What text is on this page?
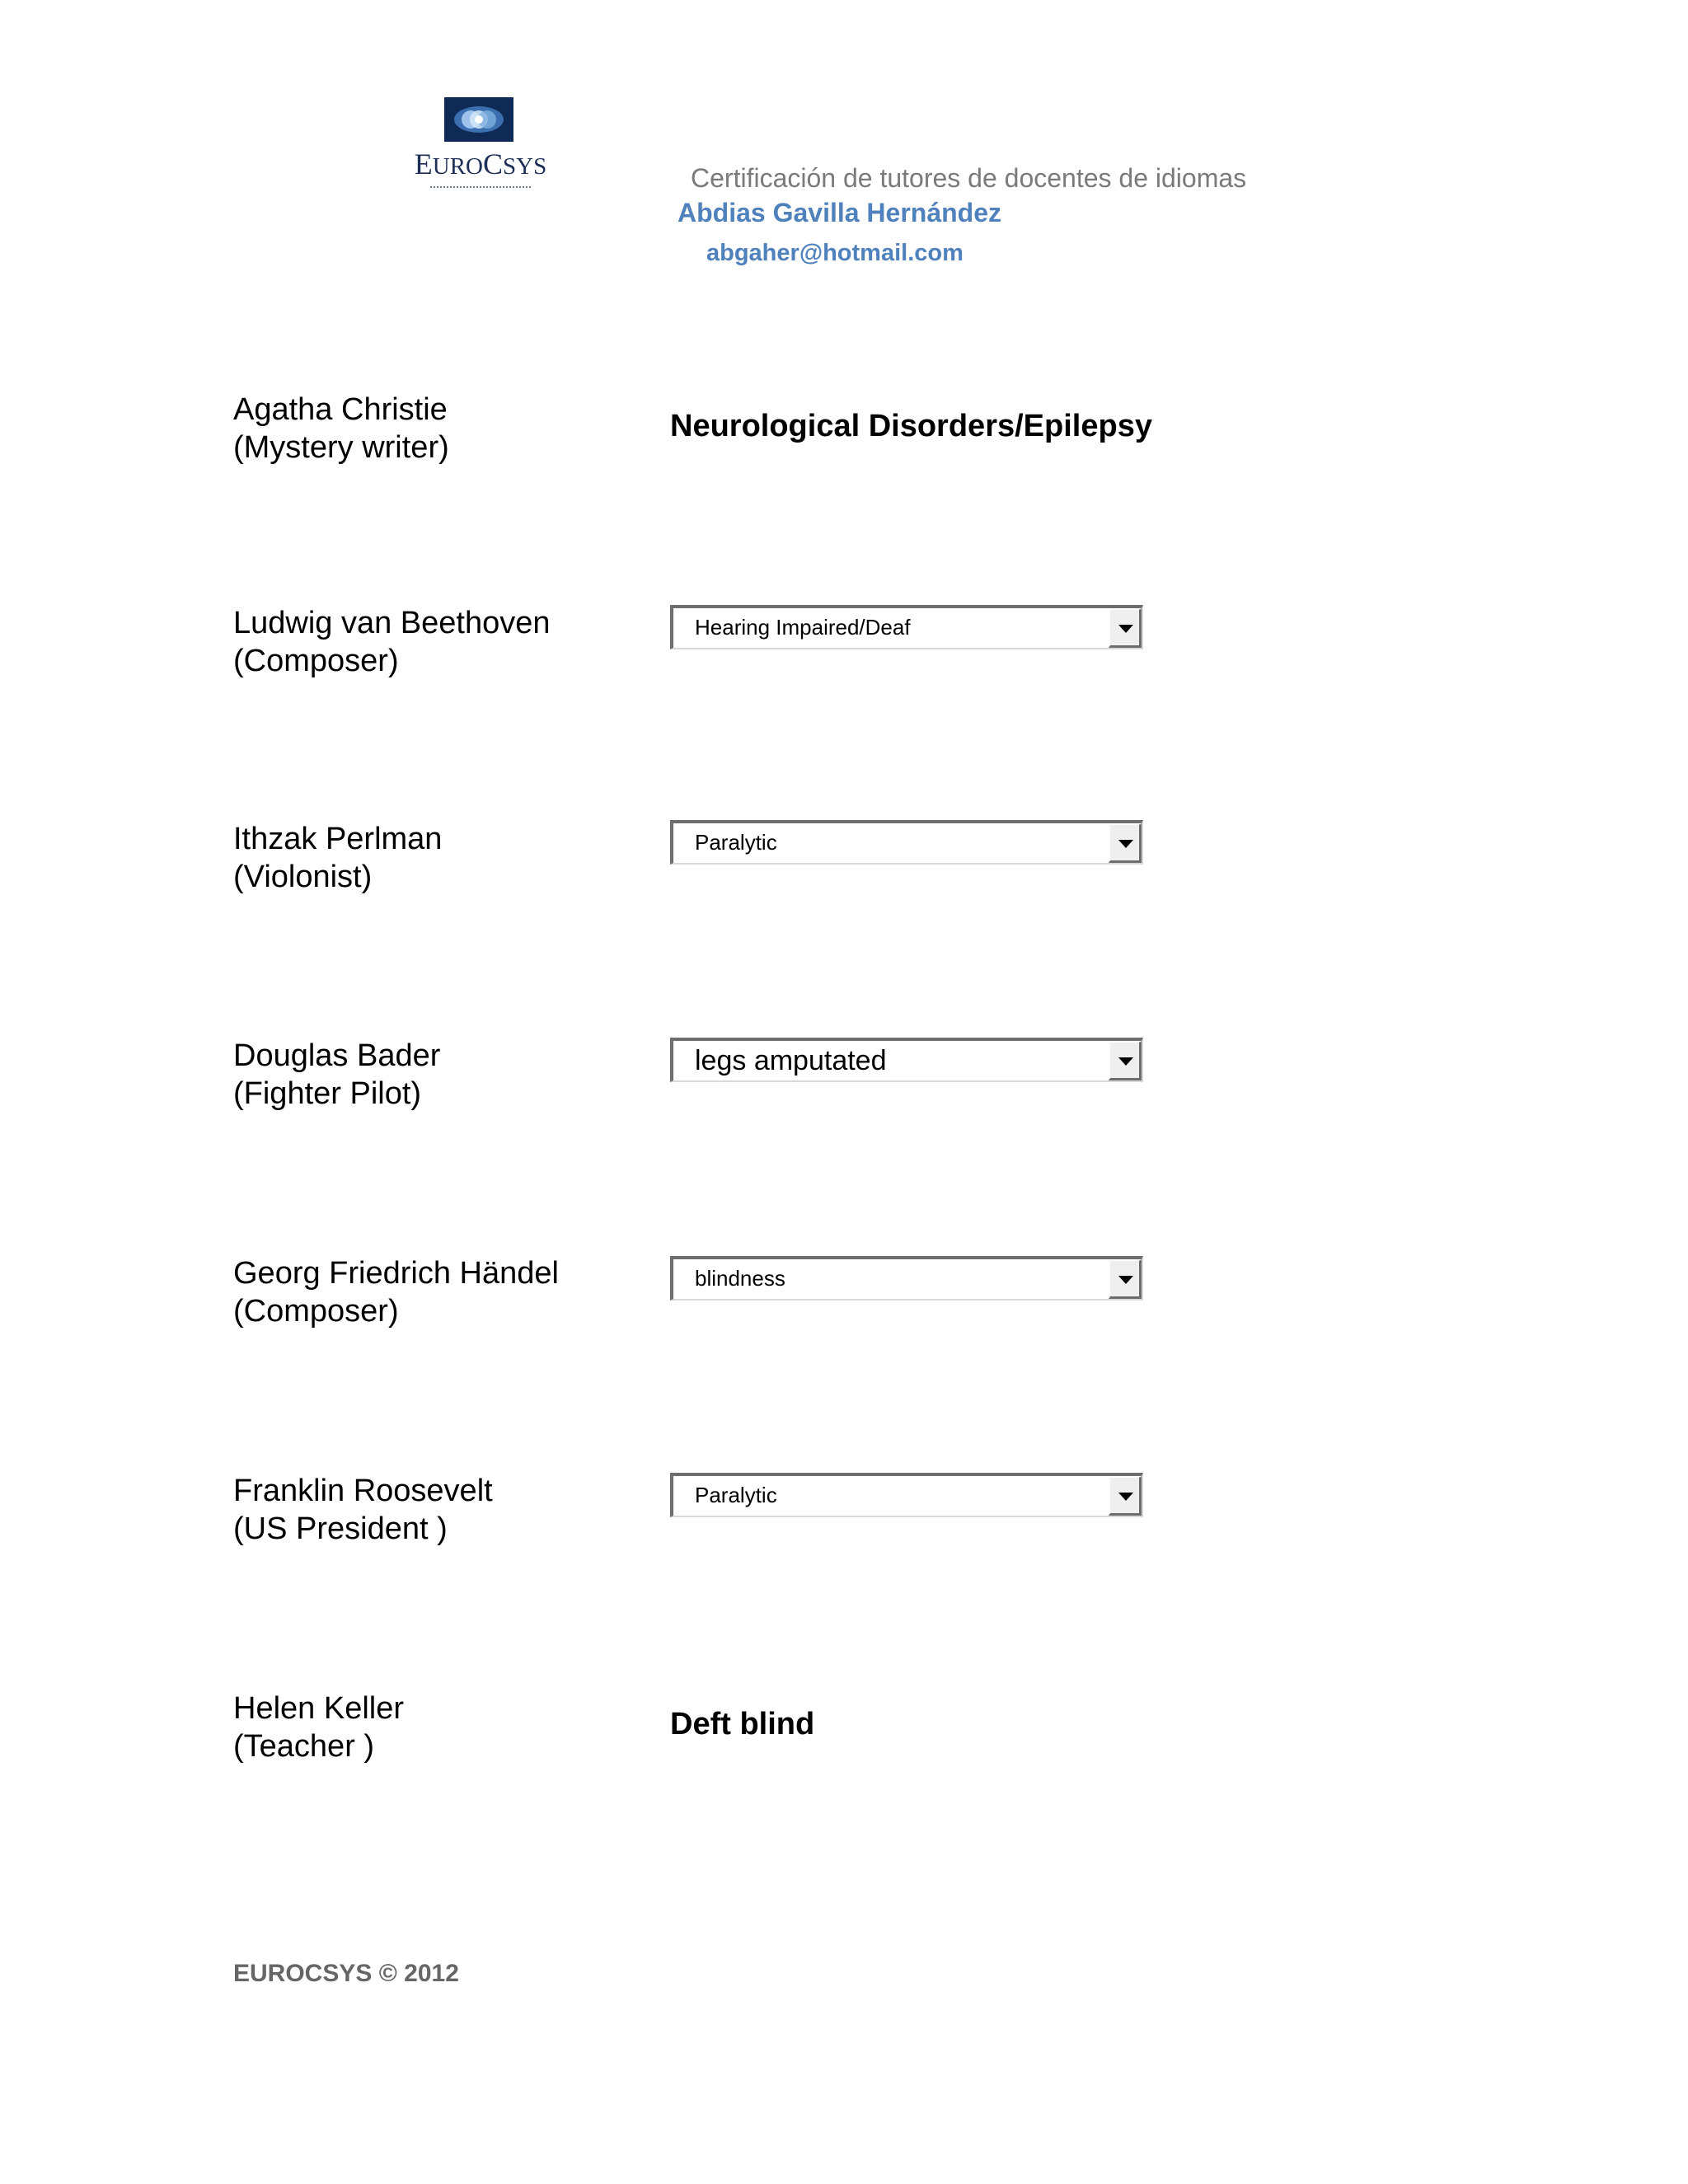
EUROCSYS	Certificación de tutores de docentes de idiomas
Abdias Gavilla Hernández
abgaher@hotmail.com
Agatha Christie
(Mystery writer)
Neurological Disorders/Epilepsy
Ludwig van Beethoven
(Composer)
Hearing Impaired/Deaf
Ithzak Perlman
(Violonist)
Paralytic
Douglas Bader
(Fighter Pilot)
legs amputated
Georg Friedrich Händel
(Composer)
blindness
Franklin Roosevelt
(US President )
Paralytic
Helen Keller
(Teacher )
Deft blind
EUROCSYS © 2012
